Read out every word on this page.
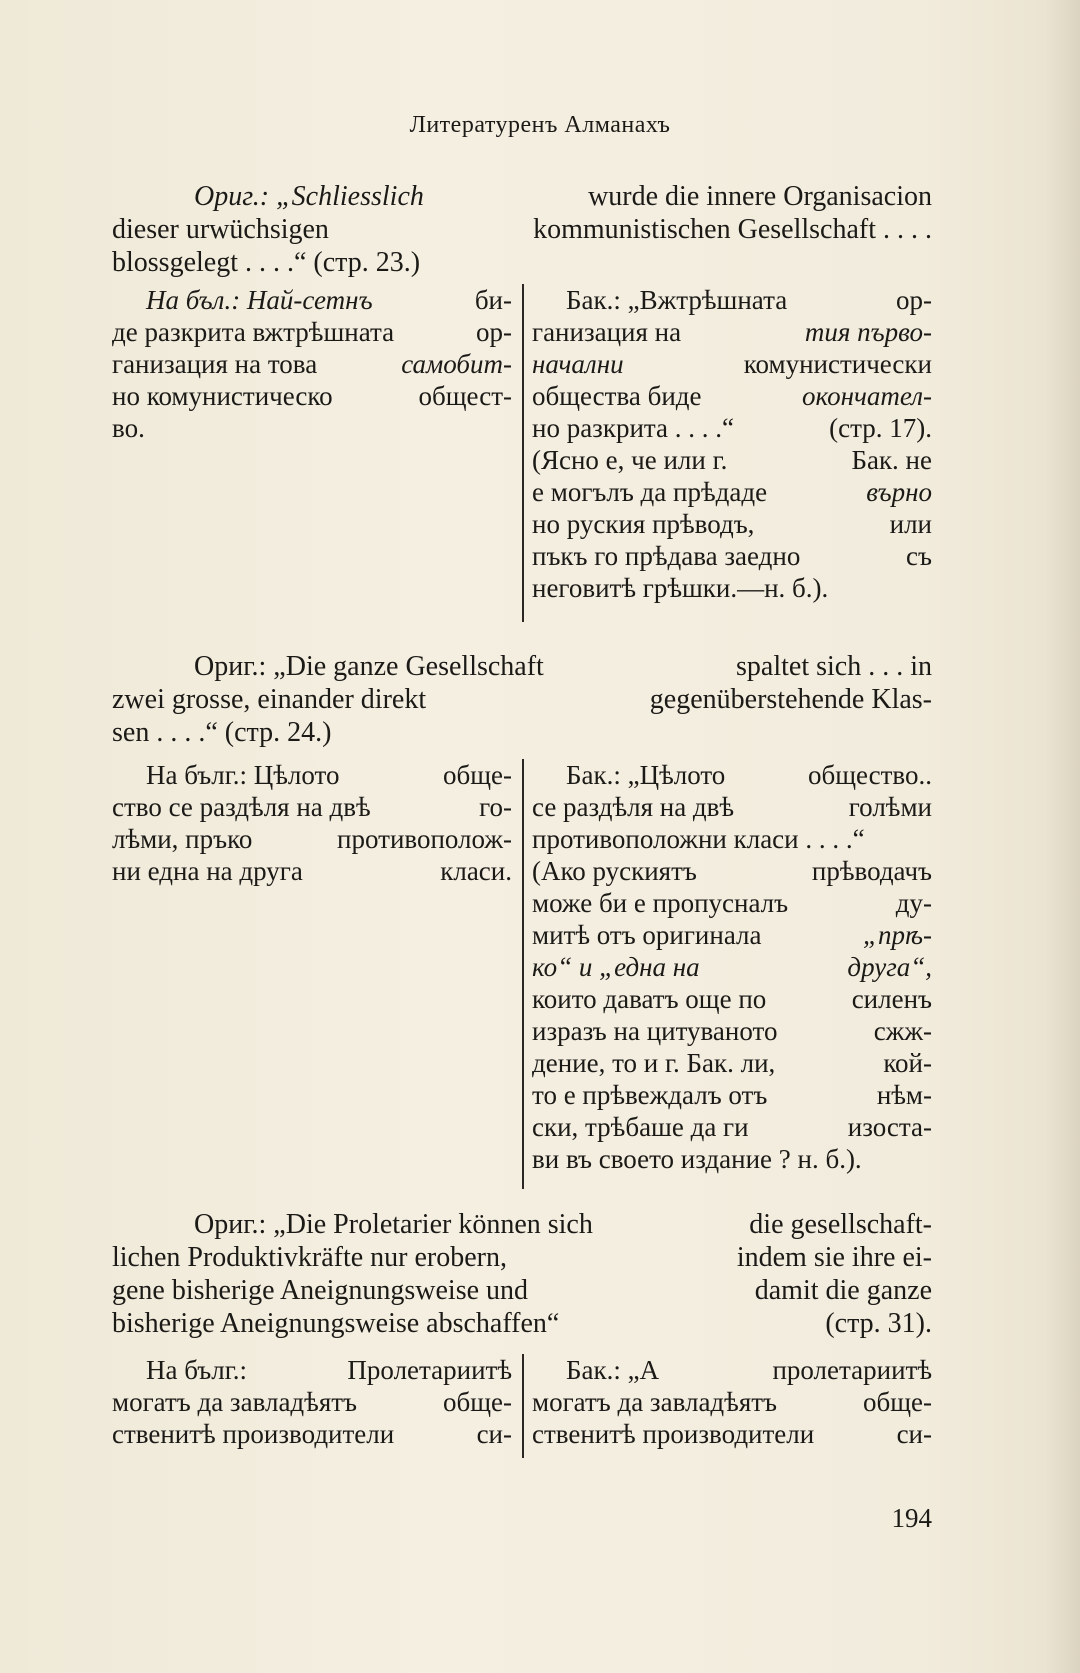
Литературенъ Алманахъ
Ориг.: „Schliesslich	wurde die innere Organisacion
dieser urwüchsigen	kommunistischen Gesellschaft . . . .
blossgelegt . . . .“ (стр. 23.)
На бъл.: Най-сетнъ	би-
де разкрита вжтрѣшната	ор-
ганизация на това	самобит-
но комунистическо	общест-
во.
Бак.: „Вжтрѣшната	ор-
ганизация на	тия първо-
начални	комунистически
общества биде	окончател-
но разкрита . . . .“	(стр. 17).
(Ясно е, че или г.	Бак. не
е могълъ да прѣдаде	върно
но руския прѣводъ,	или
пъкъ го прѣдава заедно	съ
неговитѣ грѣшки.—н. б.).
Ориг.: „Die ganze Gesellschaft	spaltet sich . . . in
zwei grosse, einander direkt	gegenüberstehende Klas-
sen . . . .“ (стр. 24.)
На бълг.: Цѣлото	обще-
ство се раздѣля на двѣ	го-
лѣми, пръко	противополож-
ни една на друга	класи.
Бак.: „Цѣлото	общество..
се раздѣля на двѣ	голѣми
противоположни класи . . . .“
(Ако рускиятъ	прѣводачъ
може би е пропусналъ	ду-
митѣ отъ оригинала	„прѣ-
ко“ и „една на	друга“,
които даватъ още по	силенъ
изразъ на цитуваното	сжж-
дение, то и г. Бак. ли,	кой-
то е прѣвеждалъ отъ	нѣм-
ски, трѣбаше да ги	изоста-
ви въ своето издание ? н. б.).
Ориг.: „Die Proletarier können sich	die gesellschaft-
lichen Produktivkräfte nur erobern,	indem sie ihre ei-
gene bisherige Aneignungsweise und	damit die ganze
bisherige Aneignungsweise abschaffen“	(стр. 31).
На бълг.:	Пролетариитѣ
могатъ да завладѣятъ	обще-
ственитѣ производители	си-
Бак.: „А	пролетариитѣ
могатъ да завладѣятъ	обще-
ственитѣ производители	си-
194
